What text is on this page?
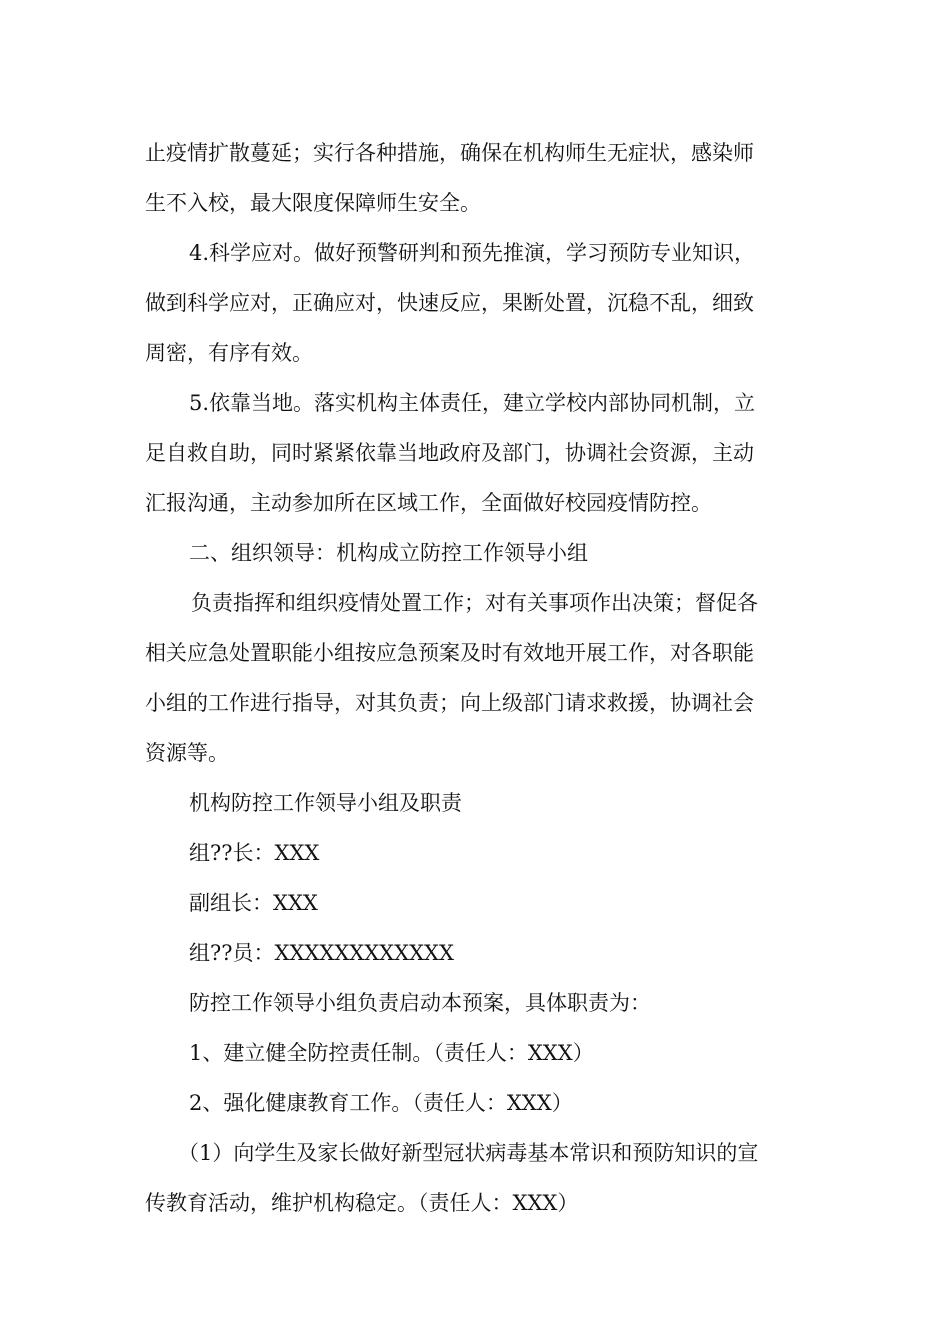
止疫情扩散蔓延；实行各种措施，确保在机构师生无症状，感染师
生不入校，最大限度保障师生安全。

4.科学应对。做好预警研判和预先推演，学习预防专业知识，
做到科学应对，正确应对，快速反应，果断处置，沉稳不乱，细致
周密，有序有效。

5.依靠当地。落实机构主体责任，建立学校内部协同机制，立
足自救自助，同时紧紧依靠当地政府及部门，协调社会资源，主动
汇报沟通，主动参加所在区域工作，全面做好校园疫情防控。

二、组织领导：机构成立防控工作领导小组

负责指挥和组织疫情处置工作；对有关事项作出决策；督促各
相关应急处置职能小组按应急预案及时有效地开展工作，对各职能
小组的工作进行指导，对其负责；向上级部门请求救援，协调社会
资源等。

机构防控工作领导小组及职责

组??长：XXX

副组长：XXX

组??员：XXXXXXXXXXXX

防控工作领导小组负责启动本预案，具体职责为：

1、建立健全防控责任制。（责任人：XXX）

2、强化健康教育工作。（责任人：XXX）

（1）向学生及家长做好新型冠状病毒基本常识和预防知识的宣
传教育活动，维护机构稳定。（责任人：XXX）
